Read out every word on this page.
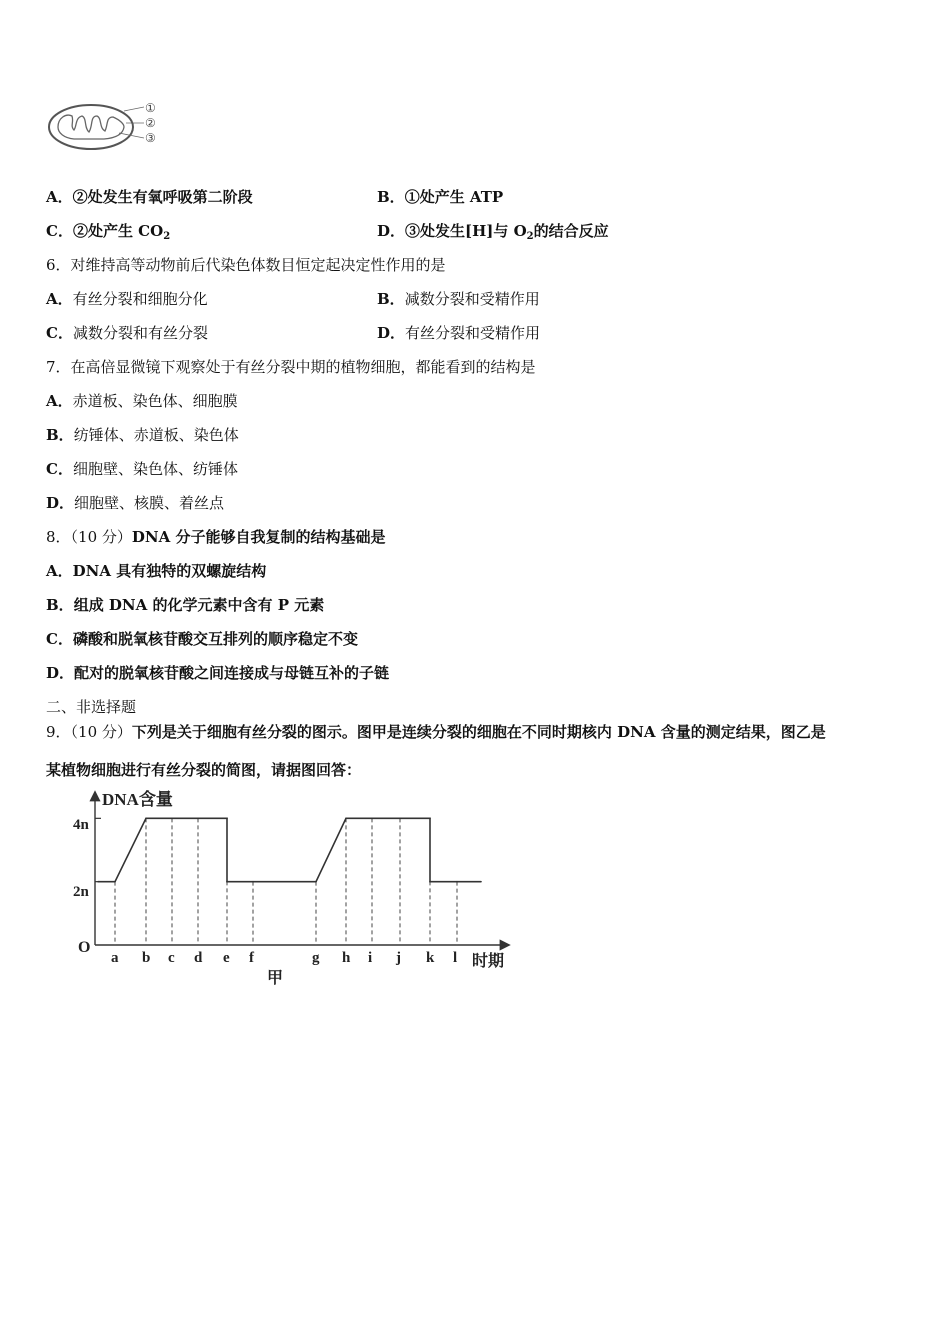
①
②
③
A．②处发生有氧呼吸第二阶段	B．①处产生 ATP
C．②处产生 $CO_2$	D．③处发生[H]与 $O_2$的结合反应
6．对维持高等动物前后代染色体数目恒定起决定性作用的是
A．有丝分裂和细胞分化	B．减数分裂和受精作用
C．减数分裂和有丝分裂	D．有丝分裂和受精作用
7．在高倍显微镜下观察处于有丝分裂中期的植物细胞，都能看到的结构是
A．赤道板、染色体、细胞膜
B．纺锤体、赤道板、染色体
C．细胞壁、染色体、纺锤体
D．细胞壁、核膜、着丝点
8．（10 分）DNA 分子能够自我复制的结构基础是
A．DNA 具有独特的双螺旋结构
B．组成 DNA 的化学元素中含有 P 元素
C．磷酸和脱氧核苷酸交互排列的顺序稳定不变
D．配对的脱氧核苷酸之间连接成与母链互补的子链
二、非选择题
9．（10 分）下列是关于细胞有丝分裂的图示。图甲是连续分裂的细胞在不同时期核内 DNA 含量的测定结果，图乙是
某植物细胞进行有丝分裂的简图，请据图回答：
DNA含量
时期
O
4n
2n
甲
a b c d e f	g h i j k l
